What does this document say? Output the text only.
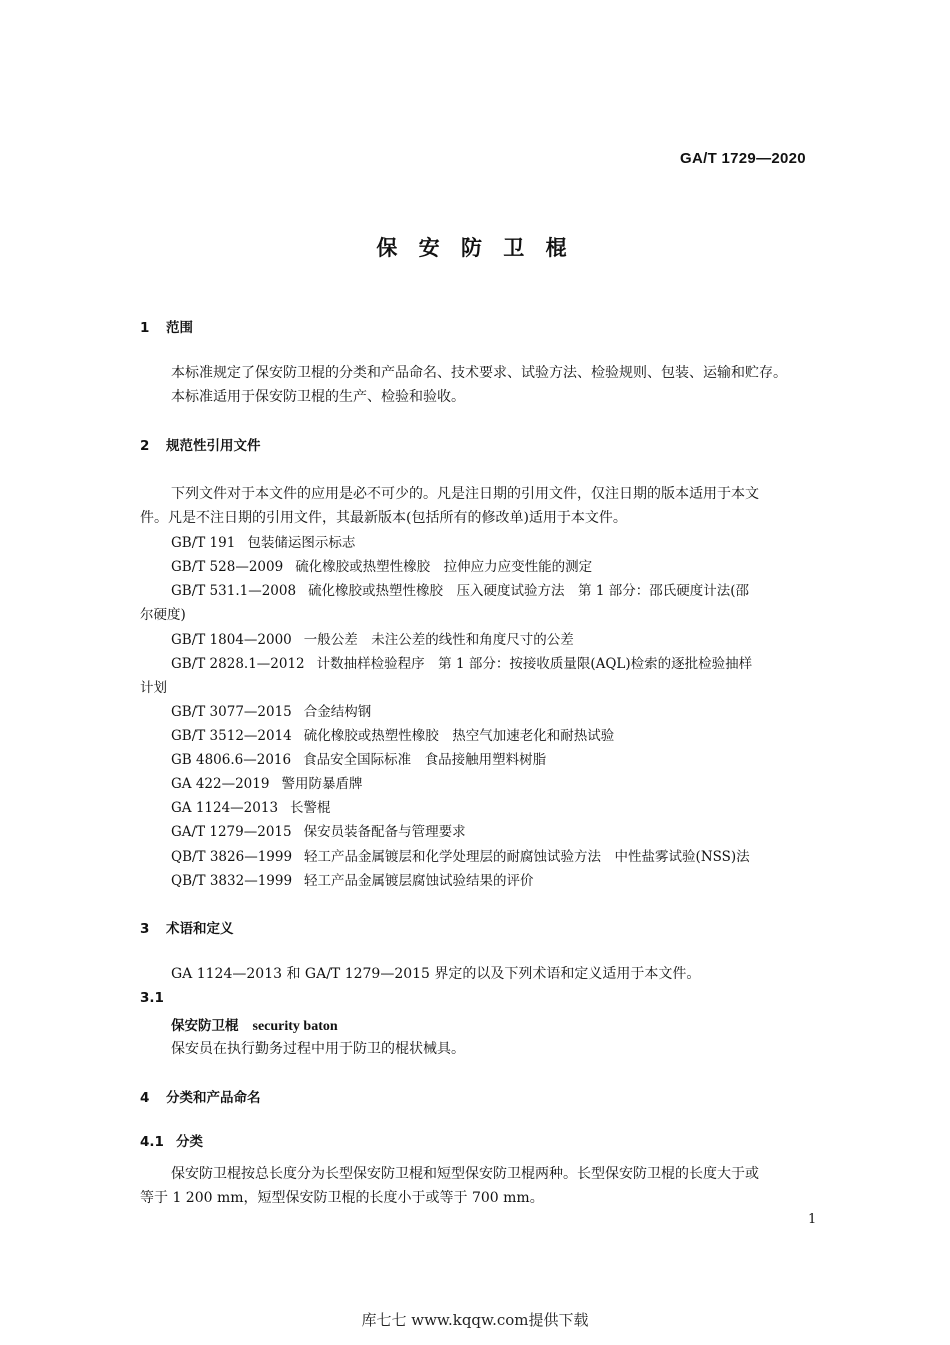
GA/T 1729—2020
保 安 防 卫 棍
1 范围
本标准规定了保安防卫棍的分类和产品命名、技术要求、试验方法、检验规则、包装、运输和贮存。
本标准适用于保安防卫棍的生产、检验和验收。
2 规范性引用文件
下列文件对于本文件的应用是必不可少的。凡是注日期的引用文件，仅注日期的版本适用于本文
件。凡是不注日期的引用文件，其最新版本(包括所有的修改单)适用于本文件。
GB/T 191 包装储运图示标志
GB/T 528—2009 硫化橡胶或热塑性橡胶　拉伸应力应变性能的测定
GB/T 531.1—2008 硫化橡胶或热塑性橡胶　压入硬度试验方法　第 1 部分：邵氏硬度计法(邵
尔硬度)
GB/T 1804—2000 一般公差　未注公差的线性和角度尺寸的公差
GB/T 2828.1—2012 计数抽样检验程序　第 1 部分：按接收质量限(AQL)检索的逐批检验抽样
计划
GB/T 3077—2015 合金结构钢
GB/T 3512—2014 硫化橡胶或热塑性橡胶　热空气加速老化和耐热试验
GB 4806.6—2016 食品安全国际标准　食品接触用塑料树脂
GA 422—2019 警用防暴盾牌
GA 1124—2013 长警棍
GA/T 1279—2015 保安员装备配备与管理要求
QB/T 3826—1999 轻工产品金属镀层和化学处理层的耐腐蚀试验方法　中性盐雾试验(NSS)法
QB/T 3832—1999 轻工产品金属镀层腐蚀试验结果的评价
3 术语和定义
GA 1124—2013 和 GA/T 1279—2015 界定的以及下列术语和定义适用于本文件。
3.1
保安防卫棍 security baton
保安员在执行勤务过程中用于防卫的棍状械具。
4 分类和产品命名
4.1 分类
保安防卫棍按总长度分为长型保安防卫棍和短型保安防卫棍两种。长型保安防卫棍的长度大于或
等于 1 200 mm，短型保安防卫棍的长度小于或等于 700 mm。
1
库七七 www.kqqw.com提供下载
